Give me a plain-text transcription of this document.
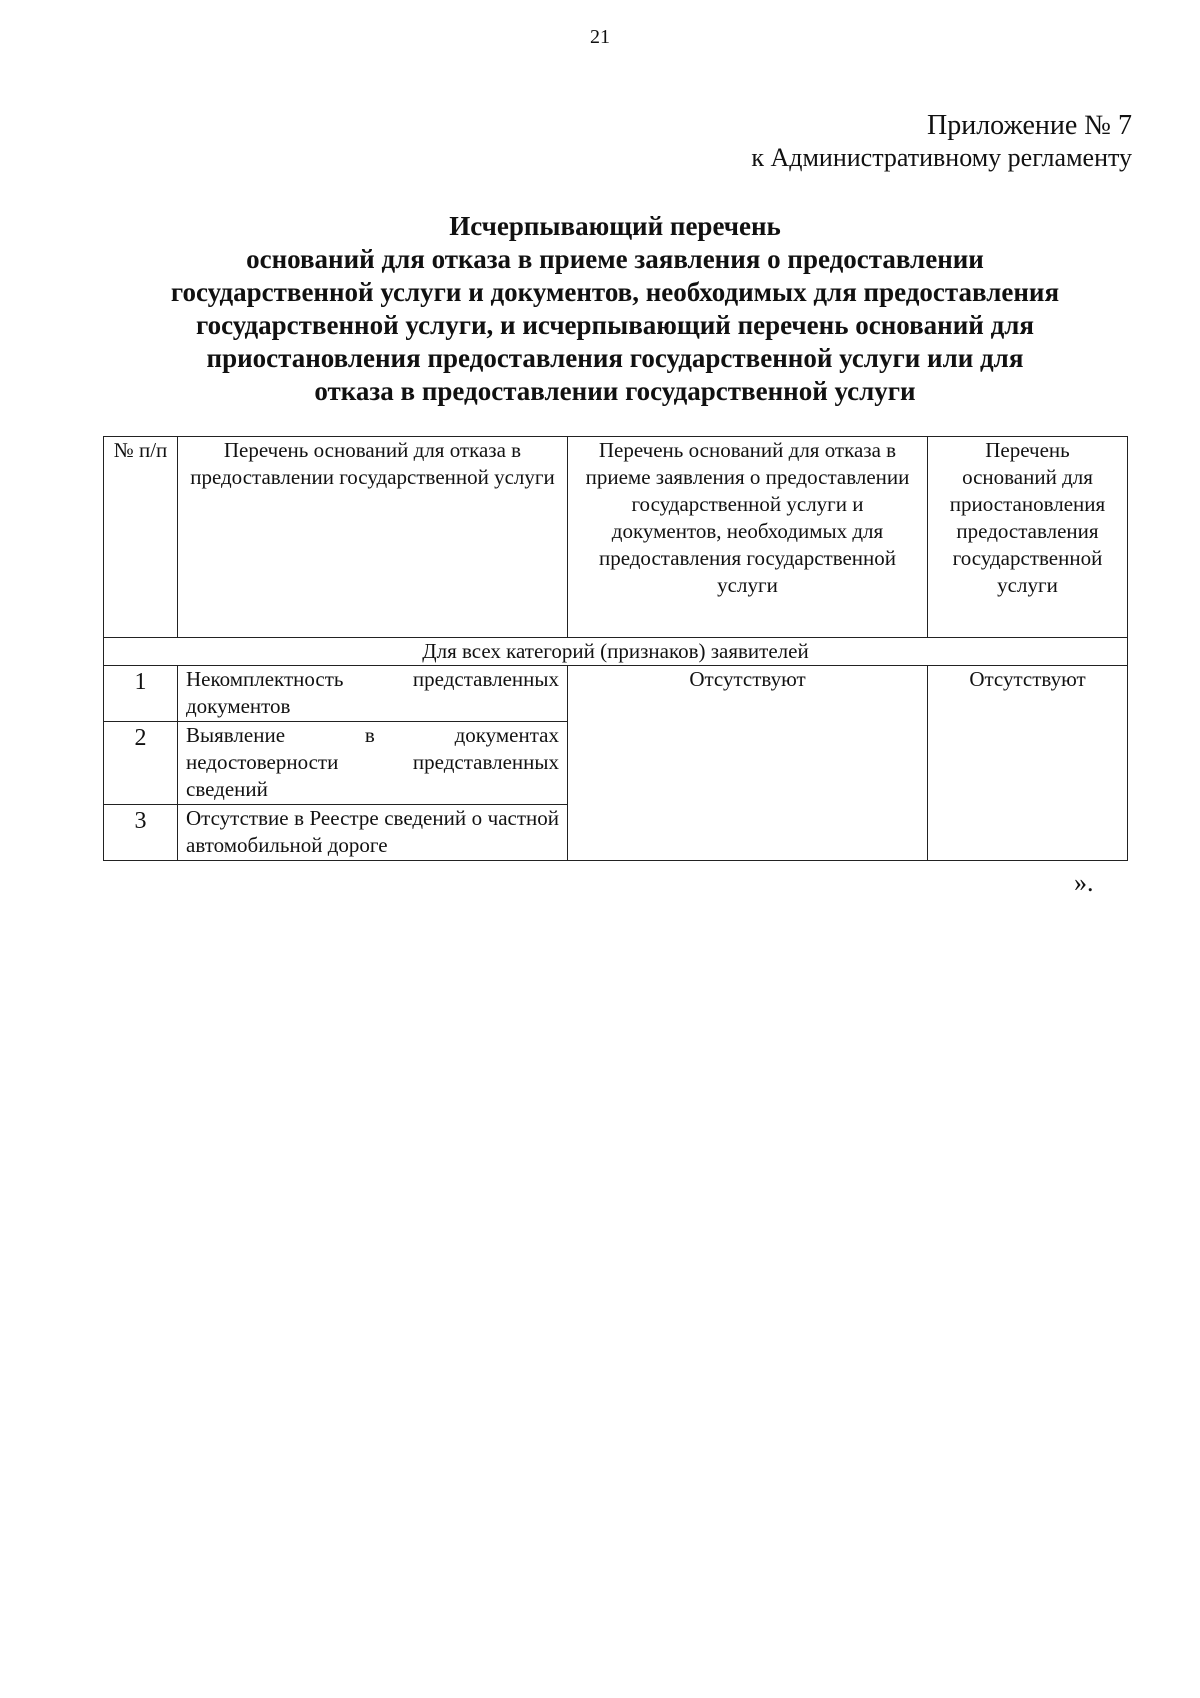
21
Приложение № 7
к Административному регламенту
Исчерпывающий перечень
оснований для отказа в приеме заявления о предоставлении
государственной услуги и документов, необходимых для предоставления
государственной услуги, и исчерпывающий перечень оснований для
приостановления предоставления государственной услуги или для
отказа в предоставлении государственной услуги
№ п/п	Перечень оснований для отказа в предоставлении государственной услуги	Перечень оснований для отказа в приеме заявления о предоставлении государственной услуги и документов, необходимых для предоставления государственной услуги	Перечень оснований для приостановления предоставления государственной услуги
Для всех категорий (признаков) заявителей			
1	Некомплектность представленных документов	Отсутствуют	Отсутствуют
2	Выявление в документах недостоверности представленных сведений		
3	Отсутствие в Реестре сведений о частной автомобильной дороге		
».
